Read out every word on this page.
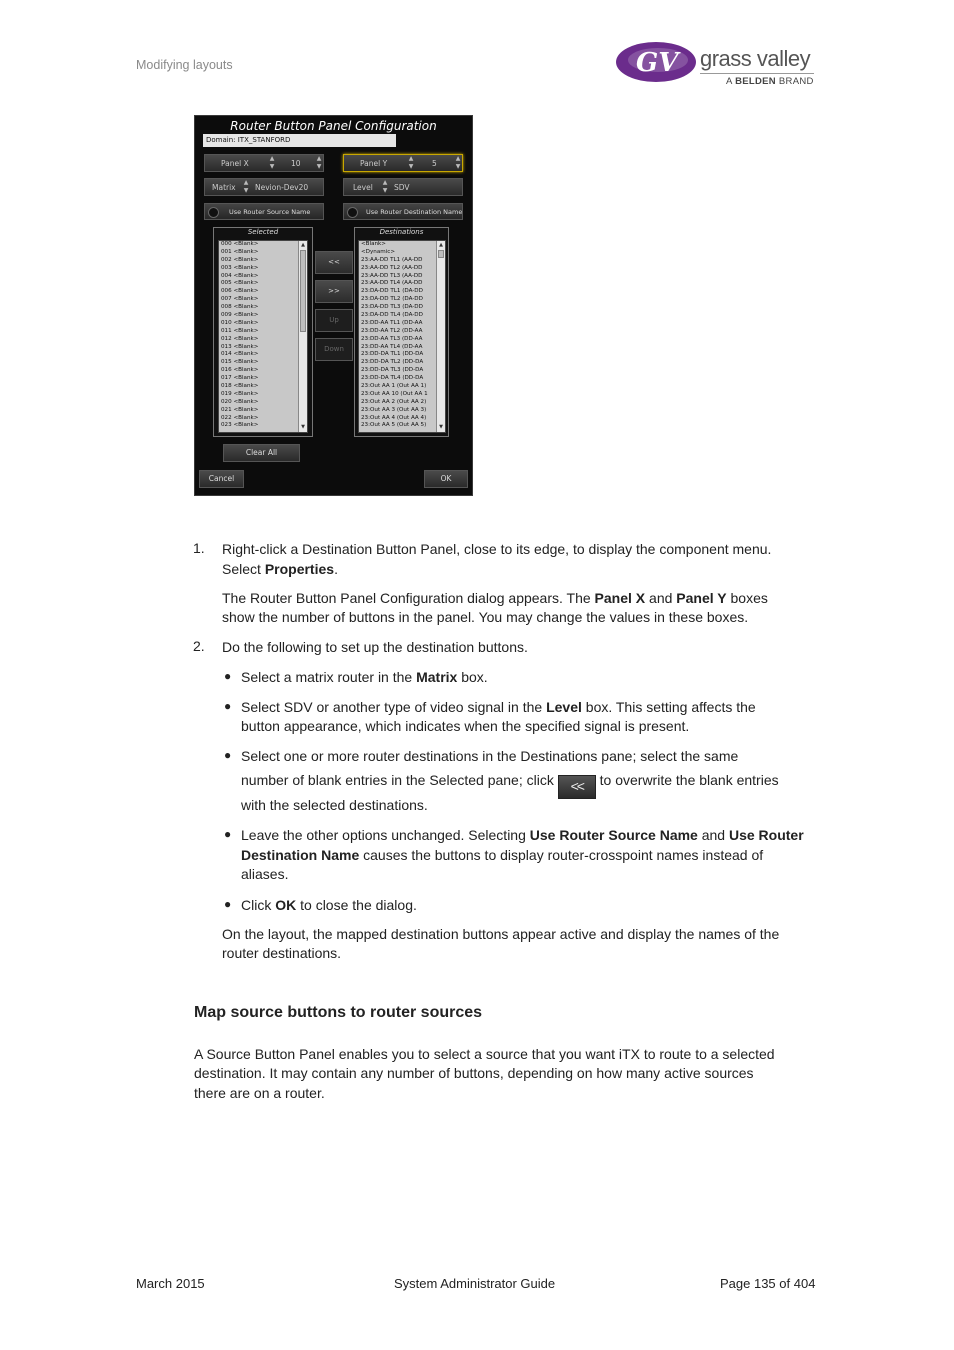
Modifying layouts	GV grass valley
A BELDEN BRAND
Router Button Panel Configuration
Domain: ITX_STANFORD
Panel X
▲
▼ 10
▲
▼	Panel Y
▲
▼ 5
▲
▼
Matrix
▲
▼ Nevion-Dev20	Level
▲
▼ SDV
Use Router Source Name	Use Router Destination Name
Selected
000 <Blank>
001 <Blank>
002 <Blank>
003 <Blank>
004 <Blank>
005 <Blank>
006 <Blank>
007 <Blank>
008 <Blank>
009 <Blank>
010 <Blank>
011 <Blank>
012 <Blank>
013 <Blank>
014 <Blank>
015 <Blank>
016 <Blank>
017 <Blank>
018 <Blank>
019 <Blank>
020 <Blank>
021 <Blank>
022 <Blank>
023 <Blank>
▲
▼
<<
>>
Up
Down
Destinations
<Blank>
<Dynamic>
23:AA-DD TL1 (AA-DD
23:AA-DD TL2 (AA-DD
23:AA-DD TL3 (AA-DD
23:AA-DD TL4 (AA-DD
23:DA-DD TL1 (DA-DD
23:DA-DD TL2 (DA-DD
23:DA-DD TL3 (DA-DD
23:DA-DD TL4 (DA-DD
23:DD-AA TL1 (DD-AA
23:DD-AA TL2 (DD-AA
23:DD-AA TL3 (DD-AA
23:DD-AA TL4 (DD-AA
23:DD-DA TL1 (DD-DA
23:DD-DA TL2 (DD-DA
23:DD-DA TL3 (DD-DA
23:DD-DA TL4 (DD-DA
23:Out AA 1 (Out AA 1)
23:Out AA 10 (Out AA 1
23:Out AA 2 (Out AA 2)
23:Out AA 3 (Out AA 3)
23:Out AA 4 (Out AA 4)
23:Out AA 5 (Out AA 5)
▲
▼
Clear All
Cancel	OK
1. Right-click a Destination Button Panel, close to its edge, to display the component menu.
Select Properties.
The Router Button Panel Configuration dialog appears. The Panel X and Panel Y boxes
show the number of buttons in the panel. You may change the values in these boxes.
2. Do the following to set up the destination buttons.
● Select a matrix router in the Matrix box.
● Select SDV or another type of video signal in the Level box. This setting affects the
button appearance, which indicates when the specified signal is present.
● Select one or more router destinations in the Destinations pane; select the same
number of blank entries in the Selected pane; click << to overwrite the blank entries
with the selected destinations.
● Leave the other options unchanged. Selecting Use Router Source Name and Use Router
Destination Name causes the buttons to display router-crosspoint names instead of
aliases.
● Click OK to close the dialog.
On the layout, the mapped destination buttons appear active and display the names of the
router destinations.
Map source buttons to router sources
A Source Button Panel enables you to select a source that you want iTX to route to a selected
destination. It may contain any number of buttons, depending on how many active sources
there are on a router.
March 2015	System Administrator Guide	Page 135 of 404
